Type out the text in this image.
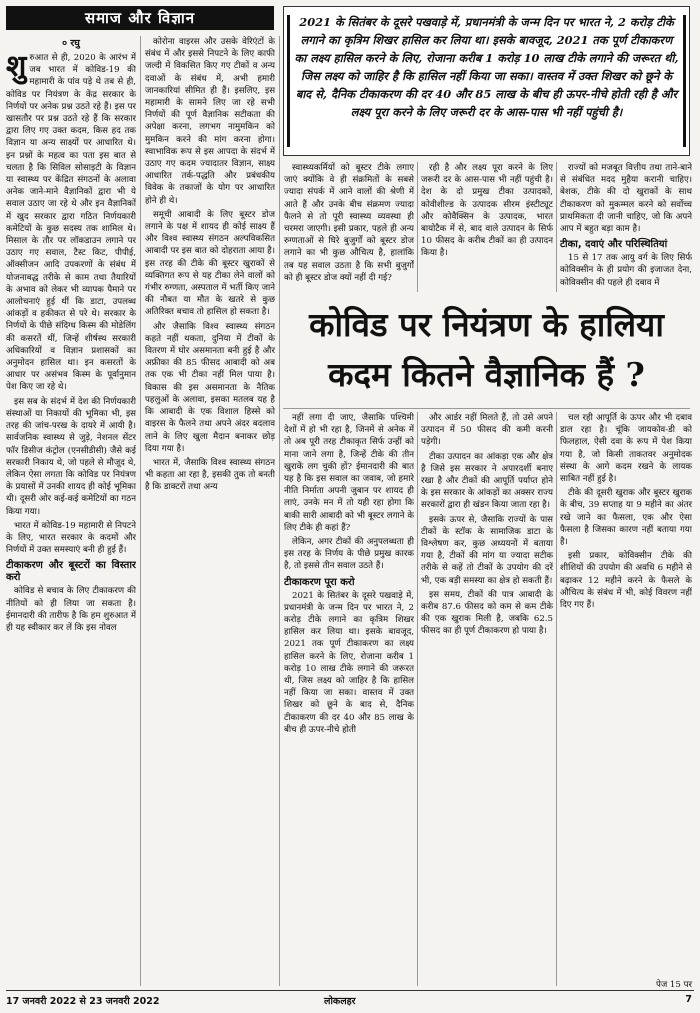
समाज और विज्ञान
० रघु
2021 के सितंबर के दूसरे पखवाड़े में, प्रधानमंत्री के जन्म दिन पर भारत ने, 2 करोड़ टीके लगाने का कृत्रिम शिखर हासिल कर लिया था। इसके बावजूद, 2021 तक पूर्ण टीकाकरण का लक्ष्य हासिल करने के लिए, रोजाना करीब 1 करोड़ 10 लाख टीके लगाने की जरूरत थी, जिस लक्ष्य को जाहिर है कि हासिल नहीं किया जा सका। वास्तव में उक्त शिखर को छूने के बाद से, दैनिक टीकाकरण की दर 40 और 85 लाख के बीच ही ऊपर-नीचे होती रही है और लक्ष्य पूरा करने के लिए जरूरी दर के आस-पास भी नहीं पहुंची है।
शु रुआत से ही, 2020 के आरंभ में जब भारत में कोविड-19 की महामारी के पांव पड़े थे तब से ही, कोविड पर नियंत्रण के केंद्र सरकार के निर्णयों पर अनेक प्रश्न उठते रहे हैं। इस पर खासतौर पर प्रश्न उठते रहे हैं कि सरकार द्वारा लिए गए उक्त कदम, किस हद तक विज्ञान या अन्य साक्ष्यों पर आधारित थे। इन प्रश्नों के महत्व का पता इस बात से चलता है कि सिविल सोसाइटी के विज्ञान या स्वास्थ्य पर केंद्रित संगठनों के अलावा अनेक जाने-माने वैज्ञानिकों द्वारा भी ये सवाल उठाए जा रहे थे और इन वैज्ञानिकों में खुद सरकार द्वारा गठित निर्णयकारी कमेटियों के कुछ सदस्य तक शामिल थे। मिसाल के तौर पर लॉकडाउन लगाने पर उठाए गए सवाल, टैस्ट किट, पीपीई, ऑक्सीजन आदि उपकरणों के संबंध में योजनाबद्ध तरीके से काम तथा तैयारियों के अभाव को लेकर भी व्यापक पैमाने पर आलोचनाएं हुई थीं कि डाटा, उपलब्ध आंकड़ों व हकीकत से परे थे। सरकार के निर्णयों के पीछे संदिग्ध किस्म की मोडेलिंग की कसरतें थीं, जिन्हें शीर्षस्थ सरकारी अधिकारियों व विज्ञान प्रशासकों का अनुमोदन हासिल था। इन कसरतों के आधार पर असंभव किस्म के पूर्वानुमान पेश किए जा रहे थे।

इस सब के संदर्भ में देश की निर्णयकारी संस्थाओं या निकायों की भूमिका भी, इस तरह की जांच-परख के दायरे में आयी है। सार्वजनिक स्वास्थ्य से जुड़े, नेशनल सेंटर फॉर डिसीज कंट्रोल (एनसीडीसी) जैसे कई सरकारी निकाय थे, जो पहले से मौजूद थे, लेकिन ऐसा लगता कि कोविड पर नियंत्रण के प्रयासों में उनकी शायद ही कोई भूमिका थी। दूसरी ओर कई-कई कमेटियों का गठन किया गया।

भारत में कोविड-19 महामारी से निपटने के लिए, भारत सरकार के कदमों और निर्णयों में उक्त समस्याएं बनी ही हुई हैं।

टीकाकरण और बूस्टरों का विस्तार करो

कोविड से बचाव के लिए टीकाकरण की नीतियों को ही लिया जा सकता है। ईमानदारी की तारीफ है कि हम शुरुआत में ही यह स्वीकार कर लें कि इस नोवल

कोरोना वाइरस और उसके वेरिएंटों के संबंध में और इससे निपटने के लिए काफी जल्दी में विकसित किए गए टीकों व अन्य दवाओं के संबंध में, अभी हमारी जानकारियां सीमित ही हैं। इसलिए, इस महामारी के सामने लिए जा रहे सभी निर्णयों की पूर्ण वैज्ञानिक सटीकता की अपेक्षा करना, लगभग नामुमकिन को मुमकिन करने की मांग करना होगा। स्वाभाविक रूप से इस आपदा के संदर्भ में उठाए गए कदम ज्यादातर विज्ञान, साक्ष्य आधारित तर्क-पद्धति और प्रबंधकीय विवेक के तकाजों के योग पर आधारित होने ही थे।

समूची आबादी के लिए बूस्टर डोज लगाने के पक्ष में शायद ही कोई साक्ष्य हैं और विश्व स्वास्थ्य संगठन अल्पविकसित आबादी पर इस बात को दोहराता आया है। इस तरह की टीके की बूस्टर खुराकों से व्यक्तिगत रूप से यह टीका लेने वालों को गंभीर रुग्णता, अस्पताल में भर्ती किए जाने की नौबत या मौत के खतरे से कुछ अतिरिक्त बचाव तो हासिल हो सकता है।

और जैसाकि विश्व स्वास्थ्य संगठन कहते नहीं थकता, दुनिया में टीकों के वितरण में घोर असमानता बनी हुई है और अफ्रीका की 85 फीसद आबादी को अब तक एक भी टीका नहीं मिल पाया है। विकास की इस असमानता के नैतिक पहलुओं के अलावा, इसका मतलब यह है कि आबादी के एक विशाल हिस्से को वाइरस के फैलने तथा अपने अंदर बदलाव लाने के लिए खुला मैदान बनाकर छोड़ दिया गया है।

भारत में, जैसाकि विश्व स्वास्थ्य संगठन भी कहता आ रहा है, इसकी तुक तो बनती है कि डाक्टरों तथा अन्य

स्वास्थ्यकर्मियों को बूस्टर टीके लगाए जाएं क्योंकि वे ही संक्रमितों के सबसे ज्यादा संपर्क में आने वालों की श्रेणी में आते हैं और उनके बीच संक्रमण ज्यादा फैलने से तो पूरी स्वास्थ्य व्यवस्था ही चरमरा जाएगी। इसी प्रकार, पहले ही अन्य रुग्णताओं से घिरे बुजुर्गों को बूस्टर डोज लगाने का भी कुछ औचित्य है, हालांकि तब यह सवाल उठता है कि सभी बुजुर्गों को ही बूस्टर डोज क्यों नहीं दी गई?

रही है और लक्ष्य पूरा करने के लिए जरूरी दर के आस-पास भी नहीं पहुंची है। देश के दो प्रमुख टीका उत्पादकों, कोवीशील्ड के उत्पादक सीरम इंस्टीट्यूट और कोवैक्सिन के उत्पादक, भारत बायोटैक में से, बाद वाले उत्पादन के सिर्फ 10 फीसद के करीब टीकों का ही उत्पादन किया है।

राज्यों को मजबूत वित्तीय तथा ताने-बाने से संबंधित मदद मुहैया करानी चाहिए। बेशक, टीके की दो खुराकों के साथ टीकाकरण को मुकम्मल करने को सर्वोच्च प्राथमिकता दी जानी चाहिए, जो कि अपने आप में बहुत बड़ा काम है।

टीका, दवाएं और परिस्थितियां

15 से 17 तक आयु वर्ग के लिए सिर्फ कोविक्सीन के ही प्रयोग की इजाजत देना, कोविक्सीन की पहले ही दबाव में

कोविड पर नियंत्रण के हालिया
कदम कितने वैज्ञानिक हैं ?

नहीं लगा दी जाए, जैसाकि पश्चिमी देशों में हो भी रहा है, जिनमें से अनेक में तो अब पूरी तरह टीकाकृत सिर्फ उन्हीं को माना जाने लगा है, जिन्हें टीके की तीन खुराकें लग चुकी हों? ईमानदारी की बात यह है कि इस सवाल का जवाब, जो हमारे नीति निर्माता अपनी जुबान पर शायद ही लाएं, उनके मन में तो यही रहा होगा कि बाकी सारी आबादी को भी बूस्टर लगाने के लिए टीके ही कहां हैं?

लेकिन, अगर टीकों की अनुपलब्धता ही इस तरह के निर्णय के पीछे प्रमुख कारक है, तो इससे तीन सवाल उठते हैं।

टीकाकरण पूरा करो

2021 के सितंबर के दूसरे पखवाड़े में, प्रधानमंत्री के जन्म दिन पर भारत ने, 2 करोड़ टीके लगाने का कृत्रिम शिखर हासिल कर लिया था। इसके बावजूद, 2021 तक पूर्ण टीकाकरण का लक्ष्य हासिल करने के लिए, रोजाना करीब 1 करोड़ 10 लाख टीके लगाने की जरूरत थी, जिस लक्ष्य को जाहिर है कि हासिल नहीं किया जा सका। वास्तव में उक्त शिखर को छूने के बाद से, दैनिक टीकाकरण की दर 40 और 85 लाख के बीच ही ऊपर-नीचे होती

और आर्डर नहीं मिलते हैं, तो उसे अपने उत्पादन में 50 फीसद की कमी करनी पड़ेगी।

टीका उत्पादन का आंकड़ा एक और क्षेत्र है जिसे इस सरकार ने अपारदर्शी बनाए रखा है और टीकों की आपूर्ति पर्याप्त होने के इस सरकार के आंकड़ों का अक्सर राज्य सरकारों द्वारा ही खंडन किया जाता रहा है।

इसके ऊपर से, जैसाकि राज्यों के पास टीकों के स्टॉक के सामाजिक डाटा के विश्लेषण कर, कुछ अध्ययनों में बताया गया है, टीकों की मांग या ज्यादा सटीक तरीके से कहें तो टीकों के उपयोग की दरें भी, एक बड़ी समस्या का क्षेत्र हो सकती हैं।

इस समय, टीकों की पात्र आबादी के करीब 87.6 फीसद को कम से कम टीके की एक खुराक मिली है, जबकि 62.5 फीसद का ही पूर्ण टीकाकरण हो पाया है।

चल रही आपूर्ति के ऊपर और भी दबाव डाल रहा है। चूंकि जायकोव-डी को फिलहाल, ऐसी दवा के रूप में पेश किया गया है, जो किसी ताकतवर अनुमोदक संस्था के आगे कदम रखने के लायक साबित नहीं हुई है।

टीके की दूसरी खुराक और बूस्टर खुराक के बीच, 39 सप्ताह या 9 महीने का अंतर रखे जाने का फैसला, एक और ऐसा फैसला है जिसका कारण नहीं बताया गया है।

इसी प्रकार, कोविक्सीन टीके की शीशियों की उपयोग की अवधि 6 महीने से बढ़ाकर 12 महीने करने के फैसले के औचित्य के संबंध में भी, कोई विवरण नहीं दिए गए हैं।

पेज 15 पर
17 जनवरी 2022 से 23 जनवरी 2022	लोकलहर	7
